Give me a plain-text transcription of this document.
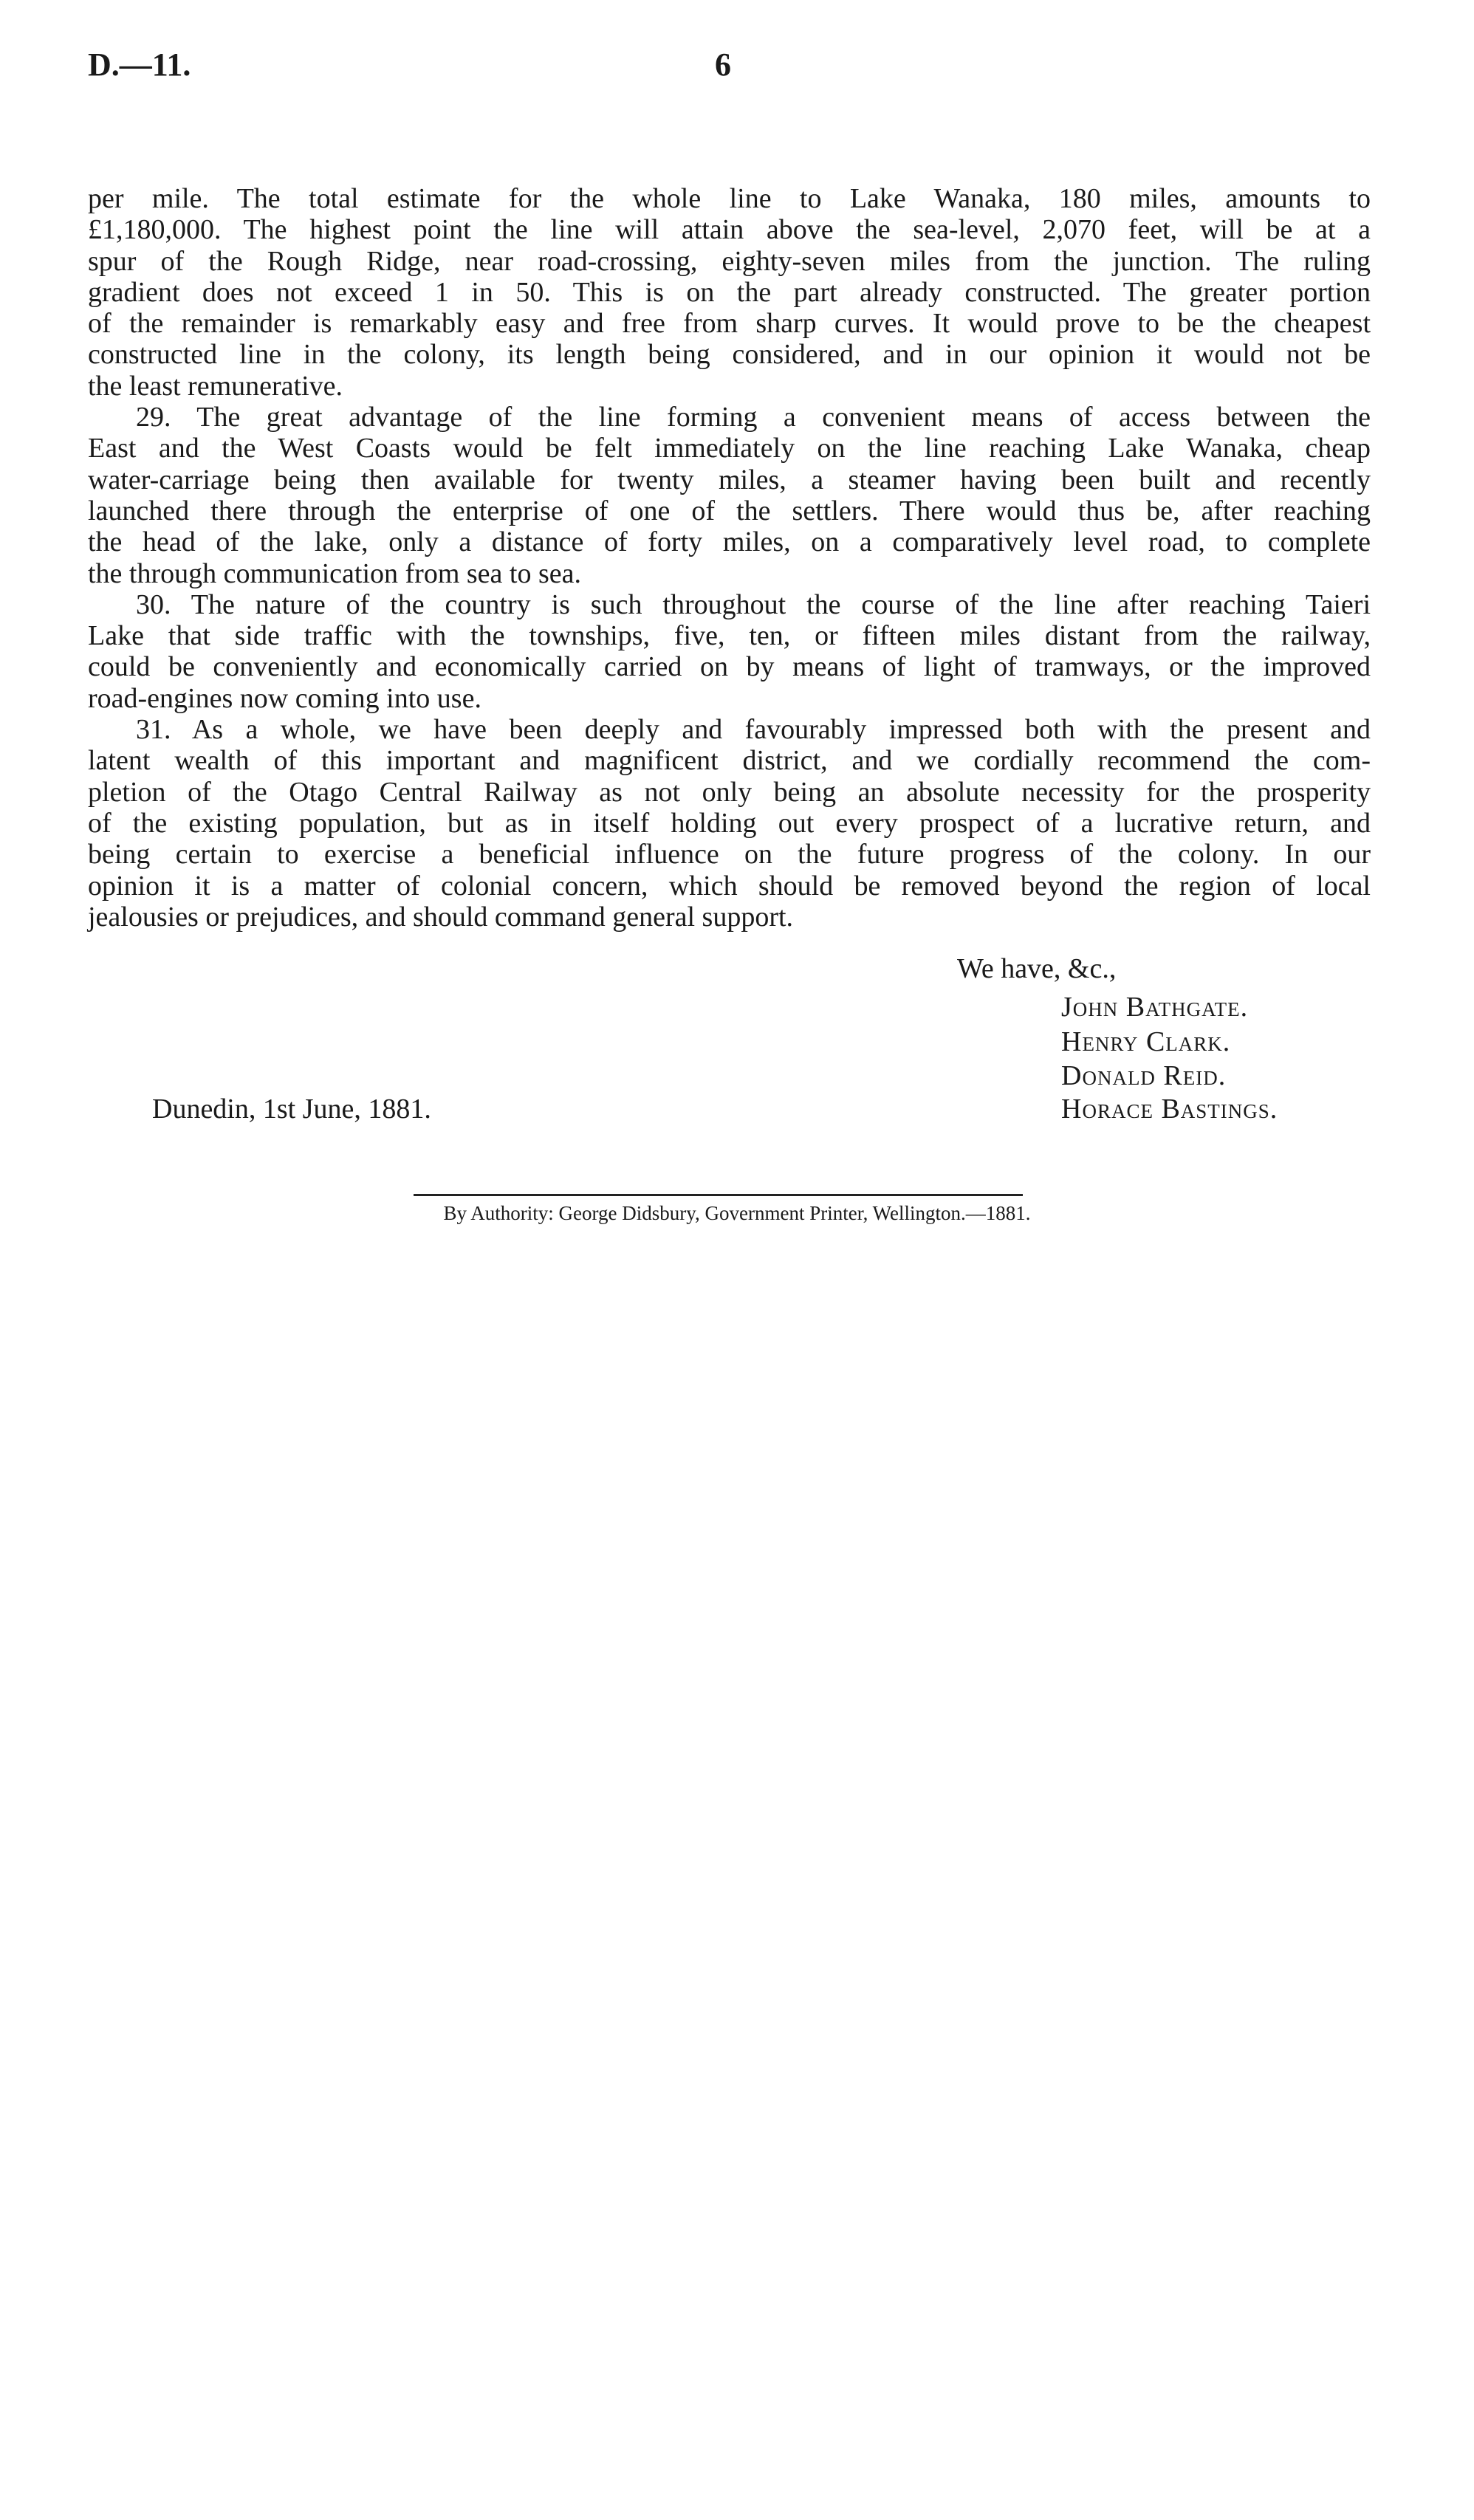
D.—11.	6
per mile. The total estimate for the whole line to Lake Wanaka, 180 miles, amounts to
£1,180,000. The highest point the line will attain above the sea-level, 2,070 feet, will be at a
spur of the Rough Ridge, near road-crossing, eighty-seven miles from the junction. The ruling
gradient does not exceed 1 in 50. This is on the part already constructed. The greater portion
of the remainder is remarkably easy and free from sharp curves. It would prove to be the cheapest
constructed line in the colony, its length being considered, and in our opinion it would not be
the least remunerative.
29. The great advantage of the line forming a convenient means of access between the
East and the West Coasts would be felt immediately on the line reaching Lake Wanaka, cheap
water-carriage being then available for twenty miles, a steamer having been built and recently
launched there through the enterprise of one of the settlers. There would thus be, after reaching
the head of the lake, only a distance of forty miles, on a comparatively level road, to complete
the through communication from sea to sea.
30. The nature of the country is such throughout the course of the line after reaching Taieri
Lake that side traffic with the townships, five, ten, or fifteen miles distant from the railway,
could be conveniently and economically carried on by means of light of tramways, or the improved
road-engines now coming into use.
31. As a whole, we have been deeply and favourably impressed both with the present and
latent wealth of this important and magnificent district, and we cordially recommend the com-
pletion of the Otago Central Railway as not only being an absolute necessity for the prosperity
of the existing population, but as in itself holding out every prospect of a lucrative return, and
being certain to exercise a beneficial influence on the future progress of the colony. In our
opinion it is a matter of colonial concern, which should be removed beyond the region of local
jealousies or prejudices, and should command general support.
We have, &c.,
John Bathgate.
Henry Clark.
Donald Reid.
Horace Bastings.
Dunedin, 1st June, 1881.
By Authority: George Didsbury, Government Printer, Wellington.—1881.
